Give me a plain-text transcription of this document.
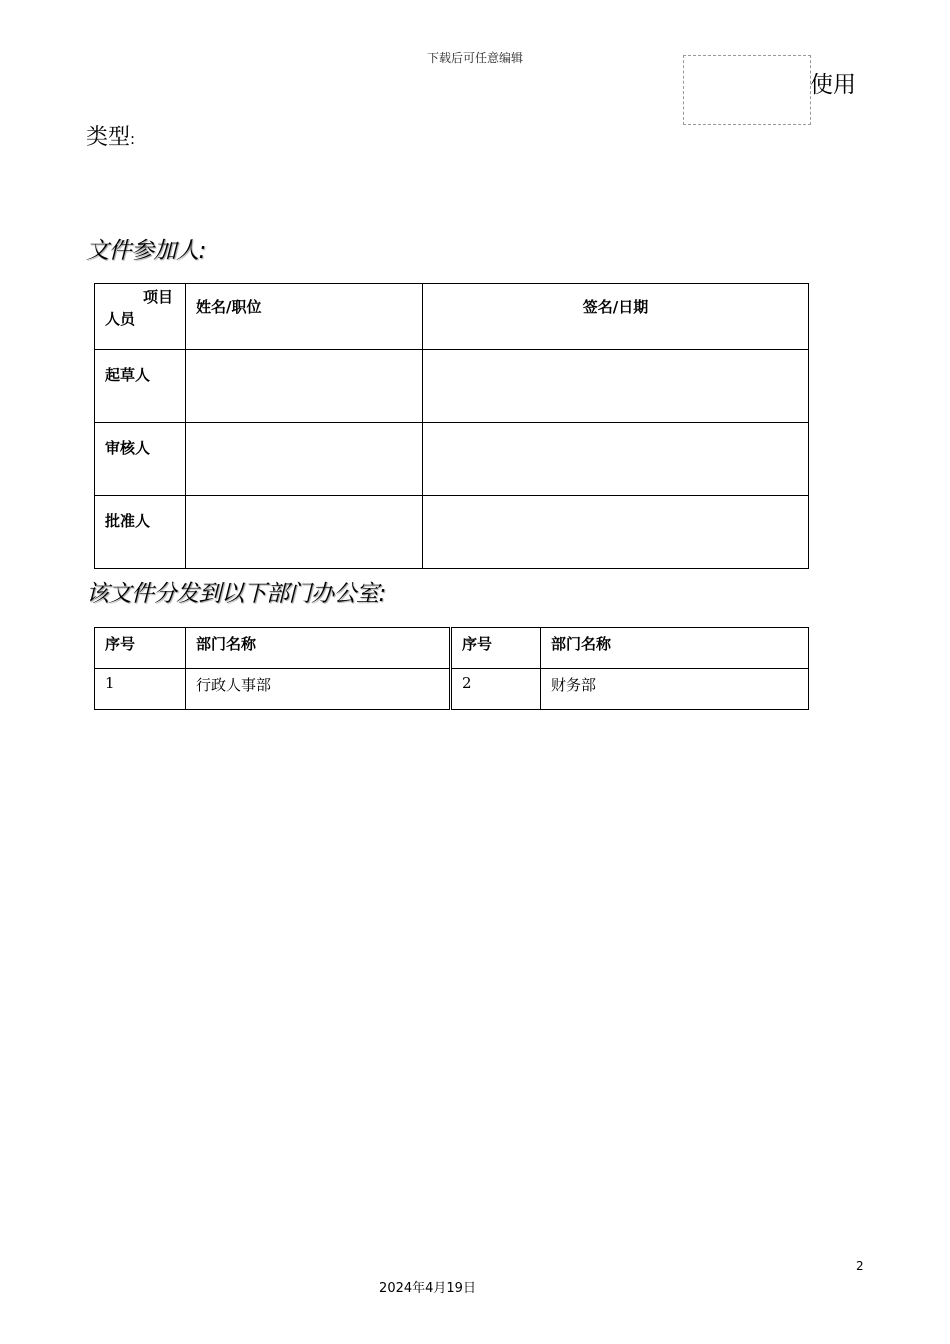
下载后可任意编辑
使用
类型:
文件参加人:
项目
人员	姓名/职位	签名/日期
起草人		
审核人		
批准人		
该文件分发到以下部门办公室:
序号	部门名称	序号	部门名称
1	行政人事部	2	财务部
2
2024年4月19日
